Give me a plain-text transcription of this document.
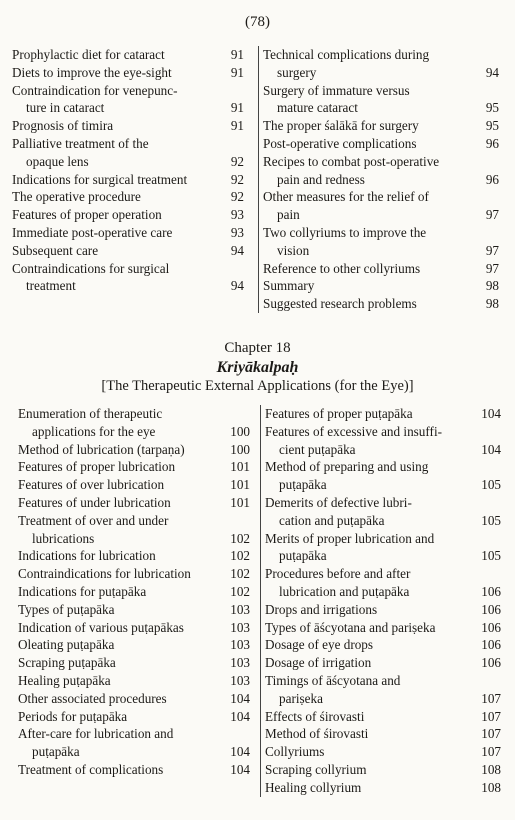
(78)
Prophylactic diet for cataract	91
Diets to improve the eye-sight	91
Contraindication for venepunc-
ture in cataract	91
Prognosis of timira	91
Palliative treatment of the
opaque lens	92
Indications for surgical treatment	92
The operative procedure	92
Features of proper operation	93
Immediate post-operative care	93
Subsequent care	94
Contraindications for surgical
treatment	94
Technical complications during
surgery	94
Surgery of immature versus
mature cataract	95
The proper śalākā for surgery	95
Post-operative complications	96
Recipes to combat post-operative
pain and redness	96
Other measures for the relief of
pain	97
Two collyriums to improve the
vision	97
Reference to other collyriums	97
Summary	98
Suggested research problems	98
Chapter 18
Kriyākalpaḥ
[The Therapeutic External Applications (for the Eye)]
Enumeration of therapeutic
applications for the eye	100
Method of lubrication (tarpaṇa)	100
Features of proper lubrication	101
Features of over lubrication	101
Features of under lubrication	101
Treatment of over and under
lubrications	102
Indications for lubrication	102
Contraindications for lubrication	102
Indications for puṭapāka	102
Types of puṭapāka	103
Indication of various puṭapākas	103
Oleating puṭapāka	103
Scraping puṭapāka	103
Healing puṭapāka	103
Other associated procedures	104
Periods for puṭapāka	104
After-care for lubrication and
puṭapāka	104
Treatment of complications	104
Features of proper puṭapāka	104
Features of excessive and insuffi-
cient puṭapāka	104
Method of preparing and using
puṭapāka	105
Demerits of defective lubri-
cation and puṭapāka	105
Merits of proper lubrication and
puṭapāka	105
Procedures before and after
lubrication and puṭapāka	106
Drops and irrigations	106
Types of āścyotana and pariṣeka	106
Dosage of eye drops	106
Dosage of irrigation	106
Timings of āścyotana and
pariṣeka	107
Effects of śirovasti	107
Method of śirovasti	107
Collyriums	107
Scraping collyrium	108
Healing collyrium	108
